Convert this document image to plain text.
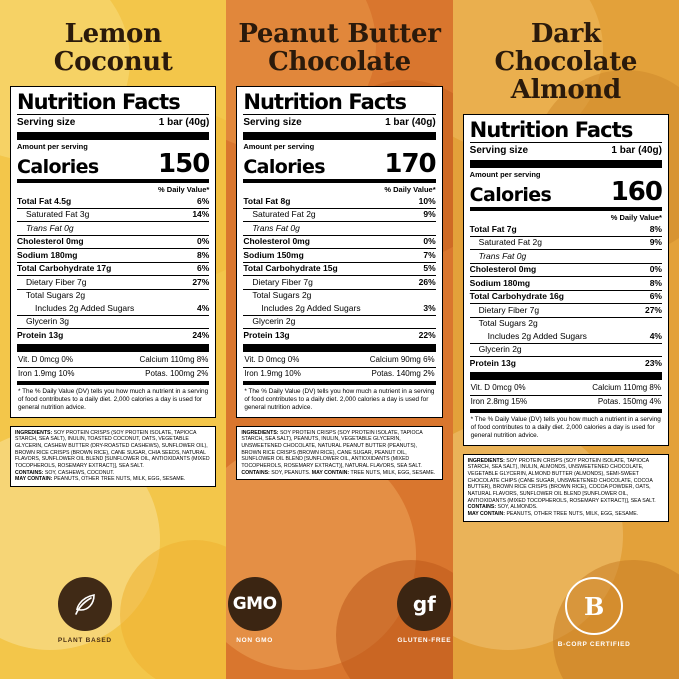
Lemon Coconut
Nutrition Facts
Serving size	1 bar (40g)
Amount per serving
Calories 150
% Daily Value*
Total Fat 4.5g	6%
Saturated Fat 3g	14%
Trans Fat 0g
Cholesterol 0mg	0%
Sodium 180mg	8%
Total Carbohydrate 17g	6%
Dietary Fiber 7g	27%
Total Sugars 2g
Includes 2g Added Sugars	4%
Glycerin 3g
Protein 13g	24%
Vit. D 0mcg 0%	Calcium 110mg 8%
Iron 1.9mg 10%	Potas. 100mg 2%
* The % Daily Value (DV) tells you how much a nutrient in a serving of food contributes to a daily diet. 2,000 calories a day is used for general nutrition advice.
INGREDIENTS: SOY PROTEIN CRISPS (SOY PROTEIN ISOLATE, TAPIOCA STARCH, SEA SALT), INULIN, TOASTED COCONUT, OATS, VEGETABLE GLYCERIN, CASHEW BUTTER (DRY-ROASTED CASHEWS), SUNFLOWER OIL), BROWN RICE CRISPS (BROWN RICE), CANE SUGAR, CHIA SEEDS, NATURAL FLAVORS, SUNFLOWER OIL BLEND [SUNFLOWER OIL, ANTIOXIDANTS (MIXED TOCOPHEROLS, ROSEMARY EXTRACT)], SEA SALT.
CONTAINS: SOY, CASHEWS, COCONUT.
MAY CONTAIN: PEANUTS, OTHER TREE NUTS, MILK, EGG, SESAME.
Peanut Butter Chocolate
Nutrition Facts
Serving size	1 bar (40g)
Amount per serving
Calories 170
% Daily Value*
Total Fat 8g	10%
Saturated Fat 2g	9%
Trans Fat 0g
Cholesterol 0mg	0%
Sodium 150mg	7%
Total Carbohydrate 15g	5%
Dietary Fiber 7g	26%
Total Sugars 2g
Includes 2g Added Sugars	3%
Glycerin 2g
Protein 13g	22%
Vit. D 0mcg 0%	Calcium 90mg 6%
Iron 1.9mg 10%	Potas. 140mg 2%
* The % Daily Value (DV) tells you how much a nutrient in a serving of food contributes to a daily diet. 2,000 calories a day is used for general nutrition advice.
INGREDIENTS: SOY PROTEIN CRISPS (SOY PROTEIN ISOLATE, TAPIOCA STARCH, SEA SALT), PEANUTS, INULIN, VEGETABLE GLYCERIN, UNSWEETENED CHOCOLATE, NATURAL PEANUT BUTTER (PEANUTS), BROWN RICE CRISPS (BROWN RICE), CANE SUGAR, PEANUT OIL, SUNFLOWER OIL BLEND [SUNFLOWER OIL, ANTIOXIDANTS (MIXED TOCOPHEROLS, ROSEMARY EXTRACT)], NATURAL FLAVORS, SEA SALT.
CONTAINS: SOY, PEANUTS. MAY CONTAIN: TREE NUTS, MILK, EGG, SESAME.
Dark Chocolate Almond
Nutrition Facts
Serving size	1 bar (40g)
Amount per serving
Calories 160
% Daily Value*
Total Fat 7g	8%
Saturated Fat 2g	9%
Trans Fat 0g
Cholesterol 0mg	0%
Sodium 180mg	8%
Total Carbohydrate 16g	6%
Dietary Fiber 7g	27%
Total Sugars 2g
Includes 2g Added Sugars	4%
Glycerin 2g
Protein 13g	23%
Vit. D 0mcg 0%	Calcium 110mg 8%
Iron 2.8mg 15%	Potas. 150mg 4%
* The % Daily Value (DV) tells you how much a nutrient in a serving of food contributes to a daily diet. 2,000 calories a day is used for general nutrition advice.
INGREDIENTS: SOY PROTEIN CRISPS (SOY PROTEIN ISOLATE, TAPIOCA STARCH, SEA SALT), INULIN, ALMONDS, UNSWEETENED CHOCOLATE, VEGETABLE GLYCERIN, ALMOND BUTTER (ALMONDS), SEMI-SWEET CHOCOLATE CHIPS (CANE SUGAR, UNSWEETENED CHOCOLATE, COCOA BUTTER), BROWN RICE CRISPS (BROWN RICE), COCOA POWDER, OATS, NATURAL FLAVORS, SUNFLOWER OIL BLEND [SUNFLOWER OIL, ANTIOXIDANTS (MIXED TOCOPHEROLS, ROSEMARY EXTRACT)], SEA SALT.
CONTAINS: SOY, ALMONDS.
MAY CONTAIN: PEANUTS, OTHER TREE NUTS, MILK, EGG, SESAME.
PLANT BASED
GMO
NON GMO
gf
GLUTEN-FREE
B
B-CORP CERTIFIED
